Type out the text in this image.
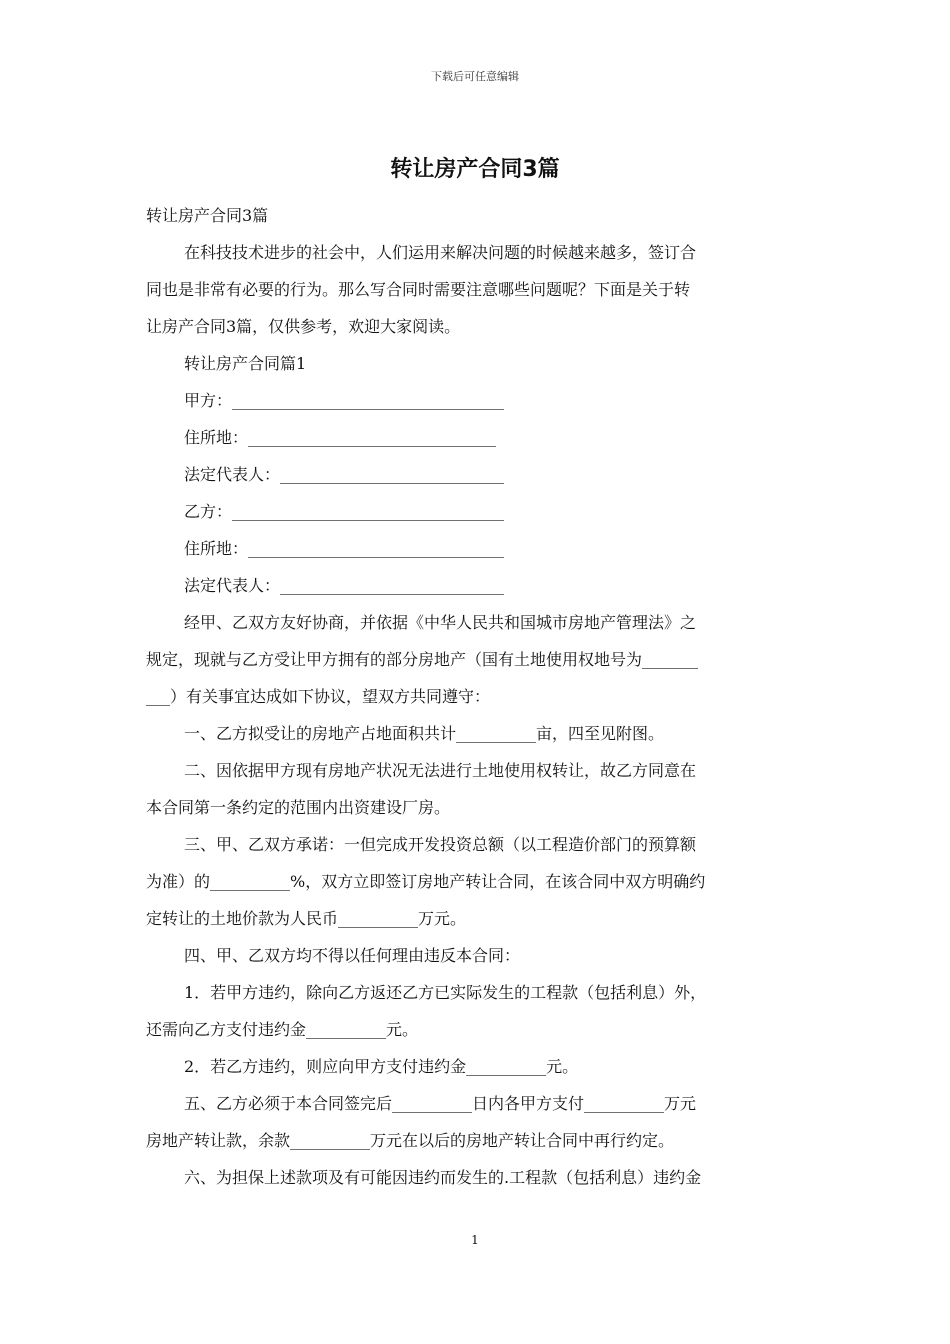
下载后可任意编辑
转让房产合同3篇

转让房产合同3篇

在科技技术进步的社会中，人们运用来解决问题的时候越来越多，签订合

同也是非常有必要的行为。那么写合同时需要注意哪些问题呢？下面是关于转

让房产合同3篇，仅供参考，欢迎大家阅读。

转让房产合同篇1

甲方：__________________________________

住所地：_______________________________

法定代表人：____________________________

乙方：__________________________________

住所地：________________________________

法定代表人：____________________________

经甲、乙双方友好协商，并依据《中华人民共和国城市房地产管理法》之

规定，现就与乙方受让甲方拥有的部分房地产（国有土地使用权地号为_______

___）有关事宜达成如下协议，望双方共同遵守：

一、乙方拟受让的房地产占地面积共计__________亩，四至见附图。

二、因依据甲方现有房地产状况无法进行土地使用权转让，故乙方同意在

本合同第一条约定的范围内出资建设厂房。

三、甲、乙双方承诺：一但完成开发投资总额（以工程造价部门的预算额

为准）的__________%，双方立即签订房地产转让合同，在该合同中双方明确约

定转让的土地价款为人民币__________万元。

四、甲、乙双方均不得以任何理由违反本合同：

1．若甲方违约，除向乙方返还乙方已实际发生的工程款（包括利息）外，

还需向乙方支付违约金__________元。

2．若乙方违约，则应向甲方支付违约金__________元。

五、乙方必须于本合同签完后__________日内各甲方支付__________万元

房地产转让款，余款__________万元在以后的房地产转让合同中再行约定。

六、为担保上述款项及有可能因违约而发生的.工程款（包括利息）违约金

1
